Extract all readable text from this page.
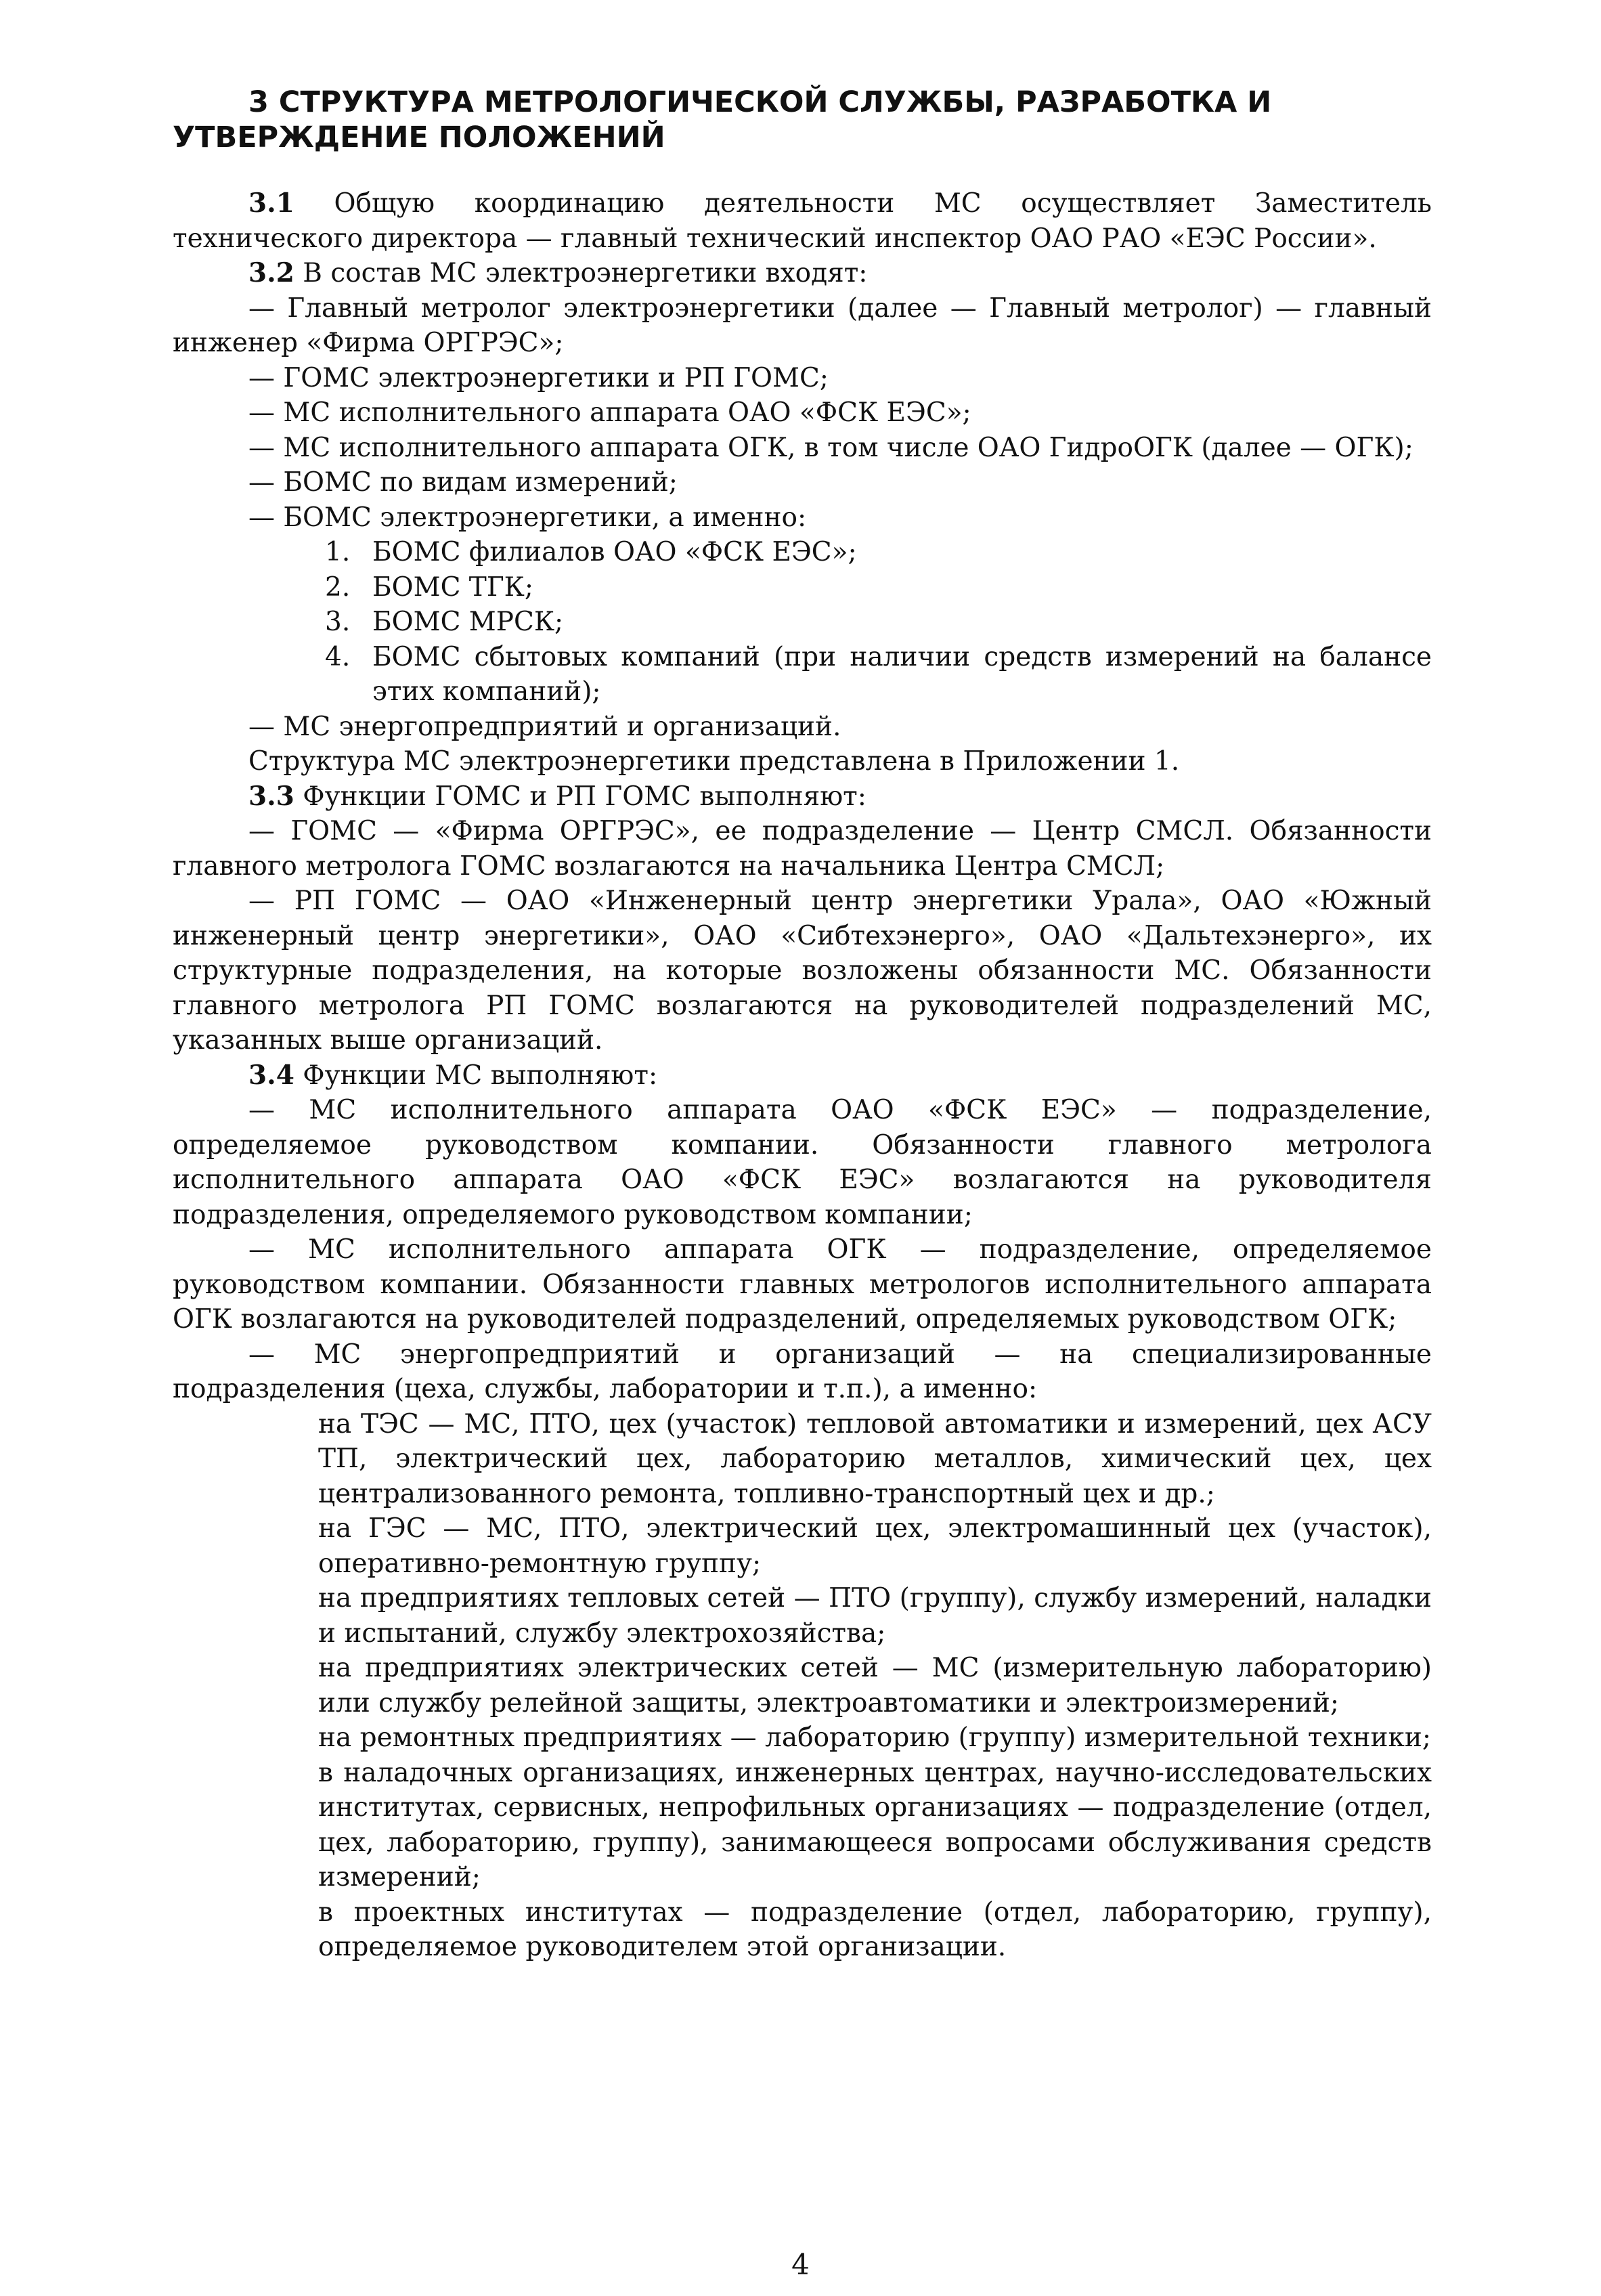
3 СТРУКТУРА МЕТРОЛОГИЧЕСКОЙ СЛУЖБЫ, РАЗРАБОТКА И УТВЕРЖДЕНИЕ ПОЛОЖЕНИЙ

3.1 Общую координацию деятельности МС осуществляет Заместитель технического директора — главный технический инспектор ОАО РАО «ЕЭС России».

3.2 В состав МС электроэнергетики входят:

— Главный метролог электроэнергетики (далее — Главный метролог) — главный инженер «Фирма ОРГРЭС»;

— ГОМС электроэнергетики и РП ГОМС;

— МС исполнительного аппарата ОАО «ФСК ЕЭС»;

— МС исполнительного аппарата ОГК, в том числе ОАО ГидроОГК (далее — ОГК);

— БОМС по видам измерений;

— БОМС электроэнергетики, а именно:

1. БОМС филиалов ОАО «ФСК ЕЭС»;
2. БОМС ТГК;
3. БОМС МРСК;
4. БОМС сбытовых компаний (при наличии средств измерений на балансе этих компаний);

— МС энергопредприятий и организаций.

Структура МС электроэнергетики представлена в Приложении 1.

3.3 Функции ГОМС и РП ГОМС выполняют:

— ГОМС — «Фирма ОРГРЭС», ее подразделение — Центр СМСЛ. Обязанности главного метролога ГОМС возлагаются на начальника Центра СМСЛ;

— РП ГОМС — ОАО «Инженерный центр энергетики Урала», ОАО «Южный инженерный центр энергетики», ОАО «Сибтехэнерго», ОАО «Дальтехэнерго», их структурные подразделения, на которые возложены обязанности МС. Обязанности главного метролога РП ГОМС возлагаются на руководителей подразделений МС, указанных выше организаций.

3.4 Функции МС выполняют:

— МС исполнительного аппарата ОАО «ФСК ЕЭС» — подразделение, определяемое руководством компании. Обязанности главного метролога исполнительного аппарата ОАО «ФСК ЕЭС» возлагаются на руководителя подразделения, определяемого руководством компании;

— МС исполнительного аппарата ОГК — подразделение, определяемое руководством компании. Обязанности главных метрологов исполнительного аппарата ОГК возлагаются на руководителей подразделений, определяемых руководством ОГК;

— МС энергопредприятий и организаций — на специализированные подразделения (цеха, службы, лаборатории и т.п.), а именно:

на ТЭС — МС, ПТО, цех (участок) тепловой автоматики и измерений, цех АСУ ТП, электрический цех, лабораторию металлов, химический цех, цех централизованного ремонта, топливно-транспортный цех и др.;

на ГЭС — МС, ПТО, электрический цех, электромашинный цех (участок), оперативно-ремонтную группу;

на предприятиях тепловых сетей — ПТО (группу), службу измерений, наладки и испытаний, службу электрохозяйства;

на предприятиях электрических сетей — МС (измерительную лабораторию) или службу релейной защиты, электроавтоматики и электроизмерений;

на ремонтных предприятиях — лабораторию (группу) измерительной техники;

в наладочных организациях, инженерных центрах, научно-исследовательских институтах, сервисных, непрофильных организациях — подразделение (отдел, цех, лабораторию, группу), занимающееся вопросами обслуживания средств измерений;

в проектных институтах — подразделение (отдел, лабораторию, группу), определяемое руководителем этой организации.

4
